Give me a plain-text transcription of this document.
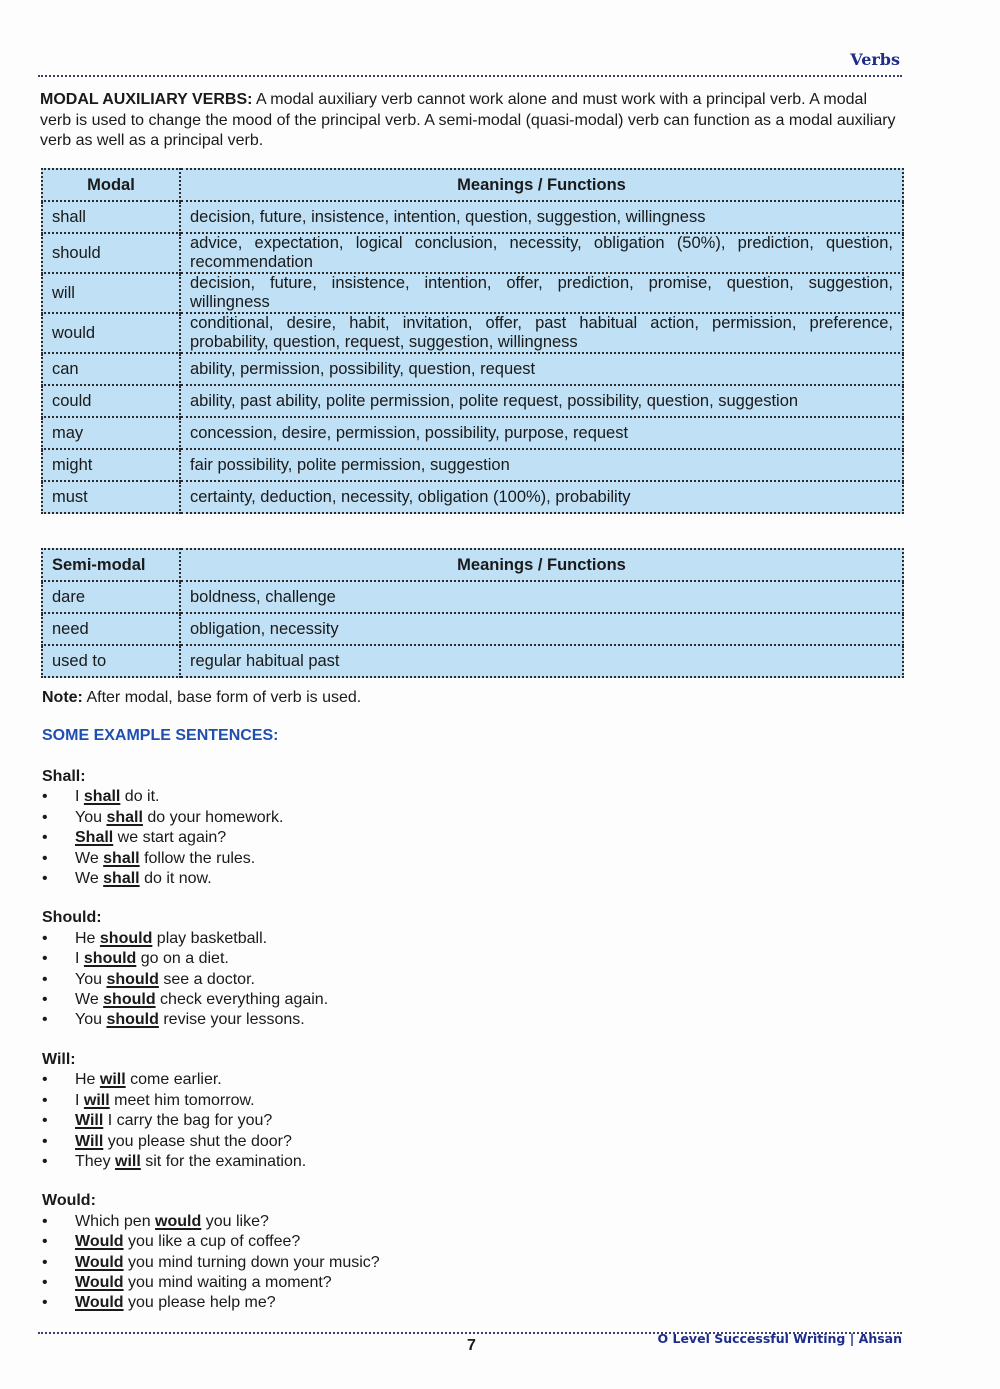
Verbs
MODAL AUXILIARY VERBS: A modal auxiliary verb cannot work alone and must work with a principal verb. A modal verb is used to change the mood of the principal verb. A semi-modal (quasi-modal) verb can function as a modal auxiliary verb as well as a principal verb.
Modal	Meanings / Functions
shall	decision, future, insistence, intention, question, suggestion, willingness
should	advice, expectation, logical conclusion, necessity, obligation (50%), prediction, question, recommendation
will	decision, future, insistence, intention, offer, prediction, promise, question, suggestion, willingness
would	conditional, desire, habit, invitation, offer, past habitual action, permission, preference, probability, question, request, suggestion, willingness
can	ability, permission, possibility, question, request
could	ability, past ability, polite permission, polite request, possibility, question, suggestion
may	concession, desire, permission, possibility, purpose, request
might	fair possibility, polite permission, suggestion
must	certainty, deduction, necessity, obligation (100%), probability
Semi-modal	Meanings / Functions
dare	boldness, challenge
need	obligation, necessity
used to	regular habitual past
Note: After modal, base form of verb is used.
SOME EXAMPLE SENTENCES:
Shall:
• I shall do it.
• You shall do your homework.
• Shall we start again?
• We shall follow the rules.
• We shall do it now.
Should:
• He should play basketball.
• I should go on a diet.
• You should see a doctor.
• We should check everything again.
• You should revise your lessons.
Will:
• He will come earlier.
• I will meet him tomorrow.
• Will I carry the bag for you?
• Will you please shut the door?
• They will sit for the examination.
Would:
• Which pen would you like?
• Would you like a cup of coffee?
• Would you mind turning down your music?
• Would you mind waiting a moment?
• Would you please help me?
7	O Level Successful Writing | Ahsan
